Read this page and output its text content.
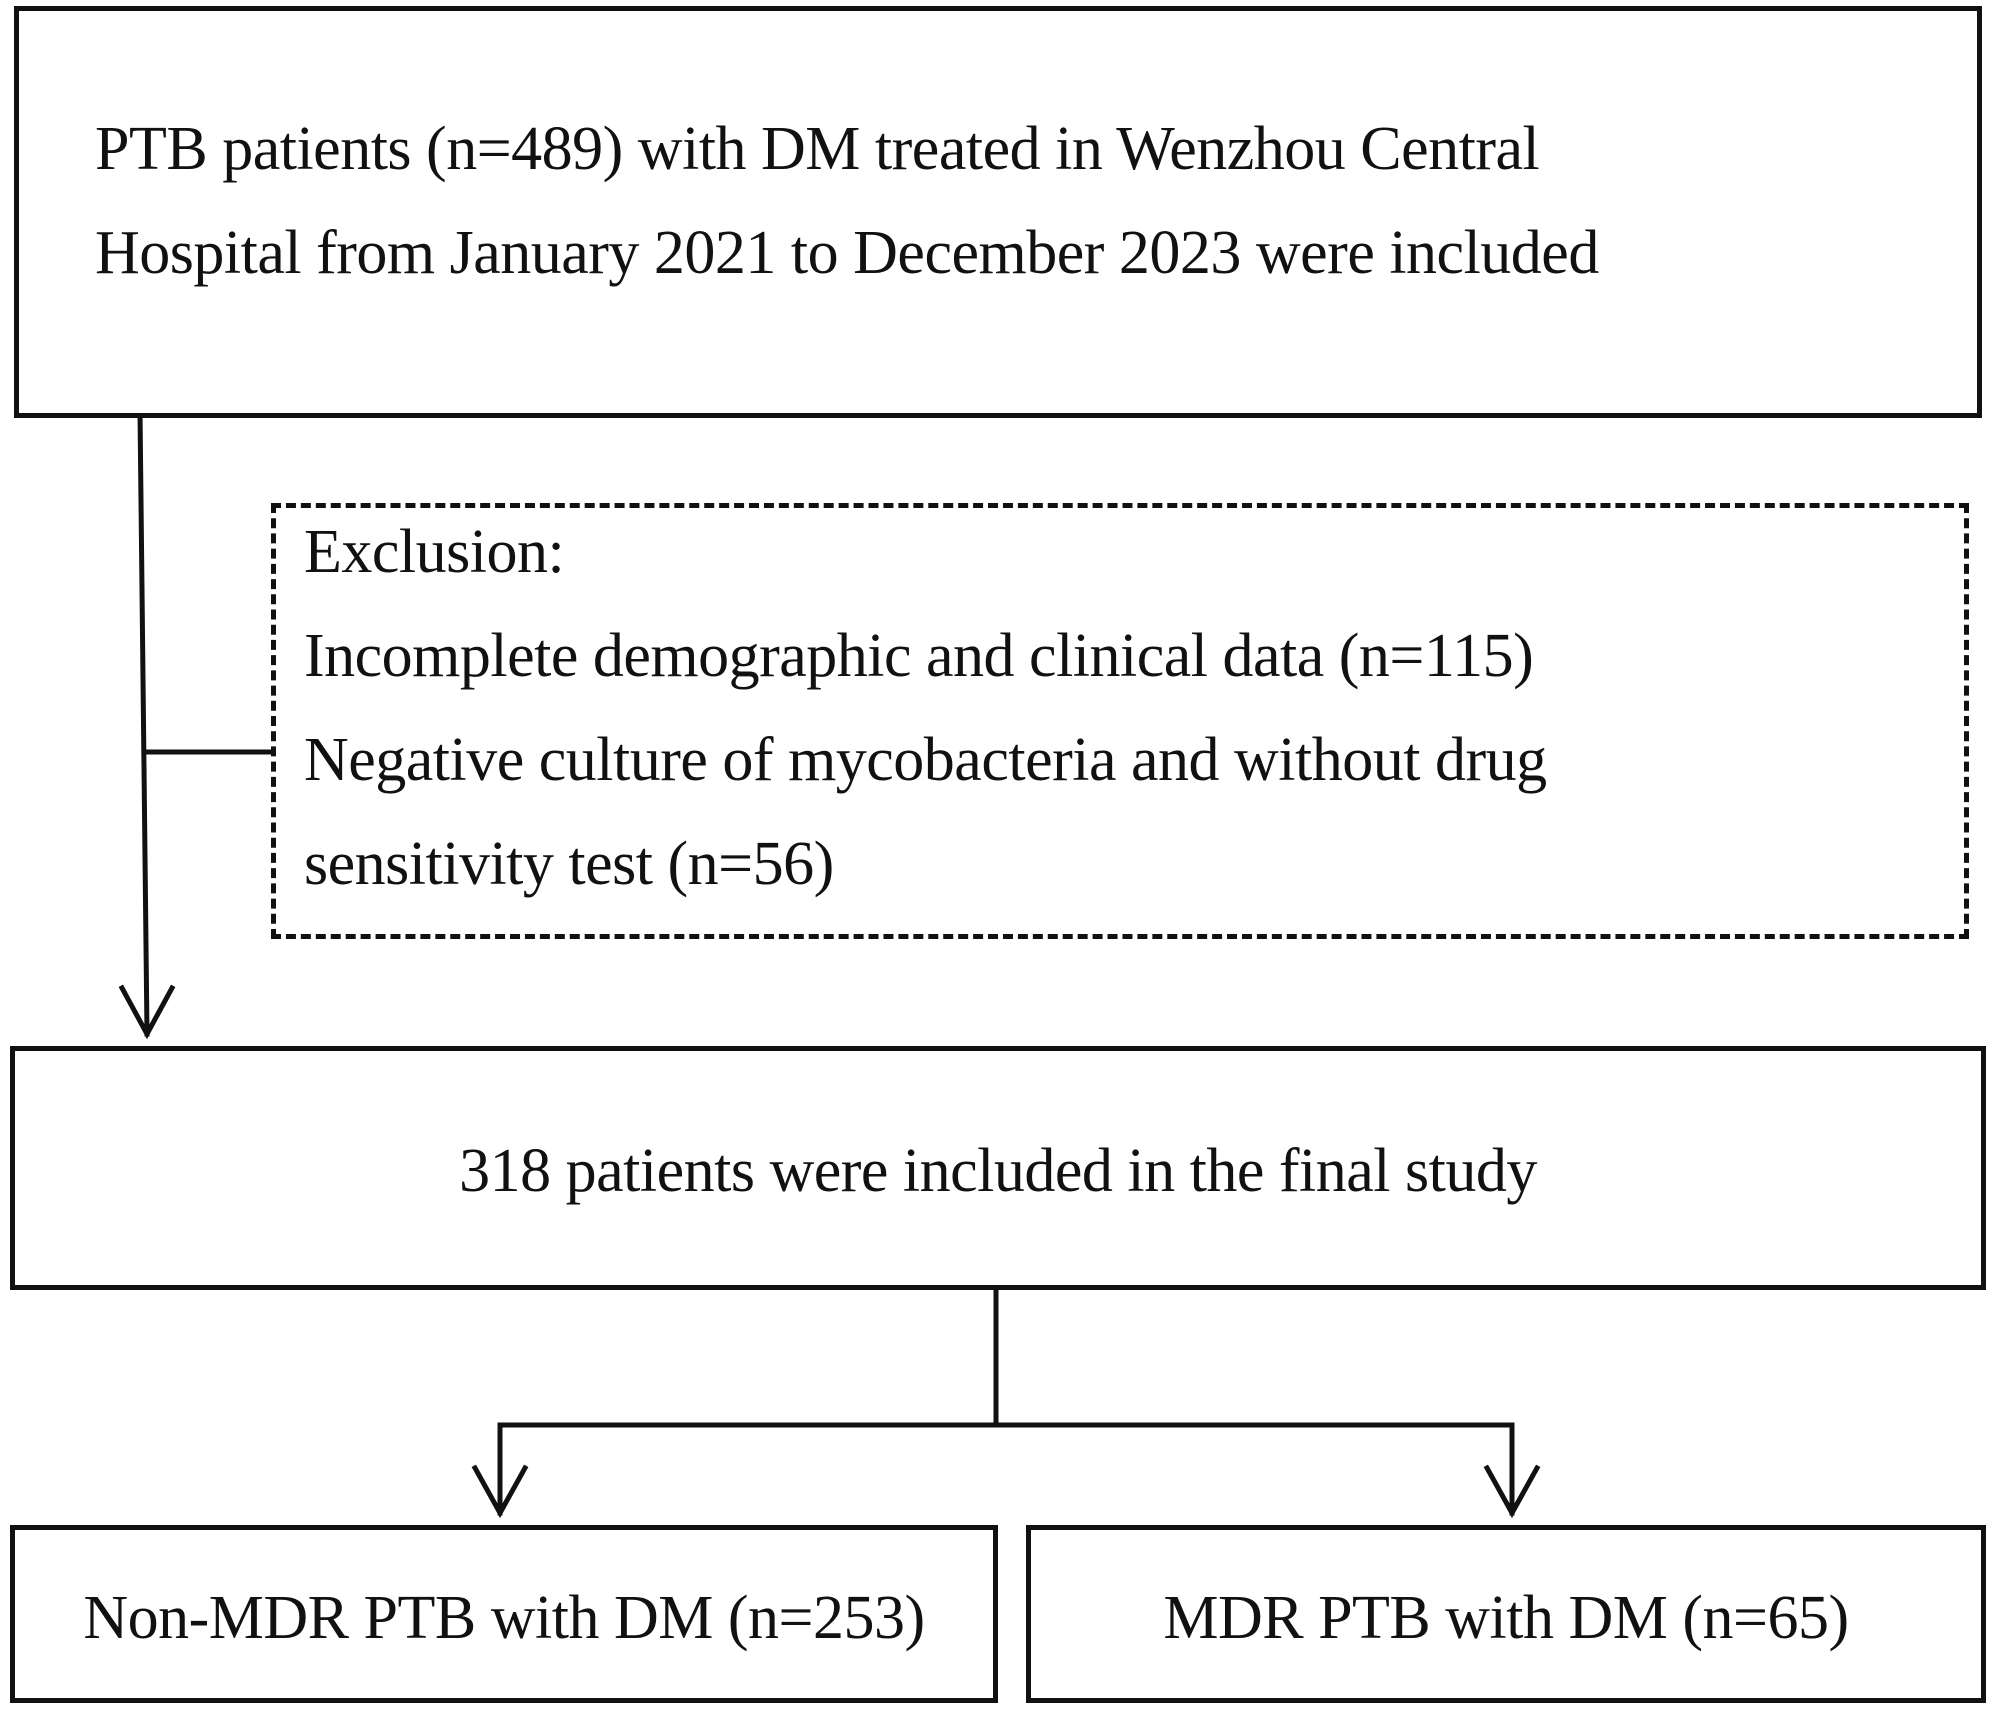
PTB patients (n=489) with DM treated in Wenzhou Central
Hospital from January 2021 to December 2023 were included
Exclusion:
Incomplete demographic and clinical data (n=115)
Negative culture of mycobacteria and without drug
sensitivity test (n=56)
318 patients were included in the final study
Non-MDR PTB with DM (n=253)	MDR PTB with DM (n=65)
